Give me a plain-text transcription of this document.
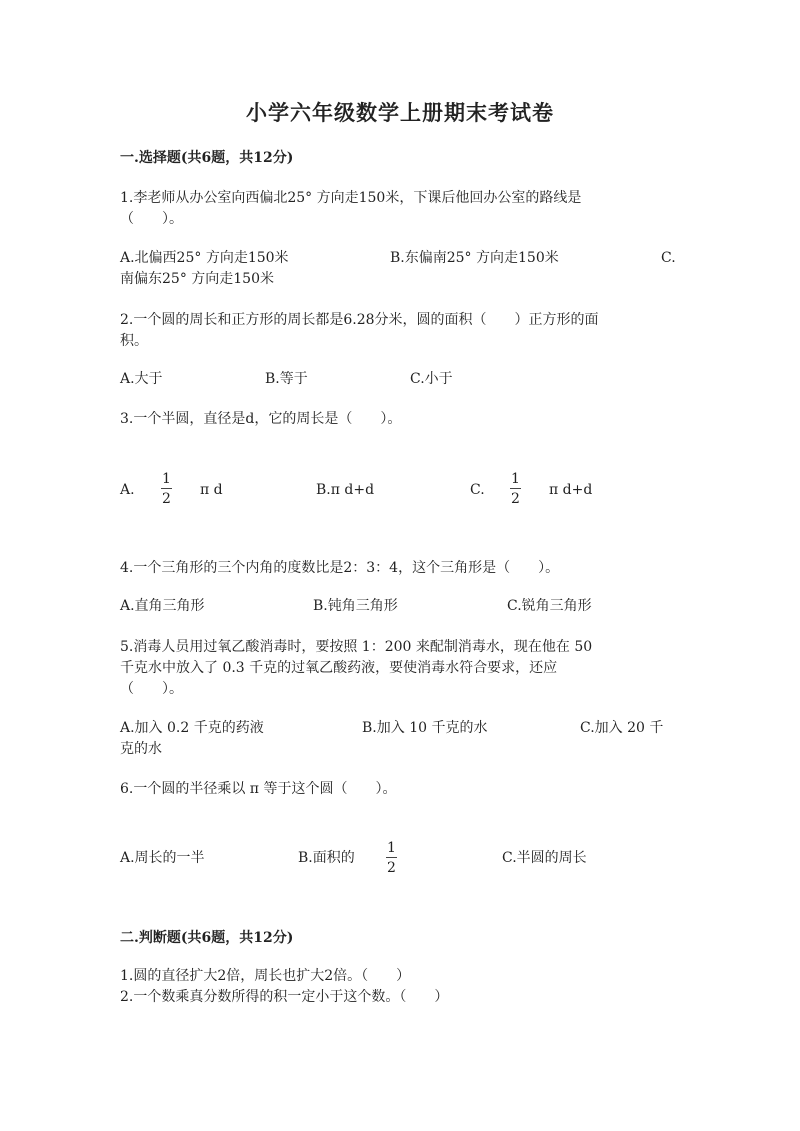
小学六年级数学上册期末考试卷
一.选择题(共6题，共12分)
1.李老师从办公室向西偏北25° 方向走150米，下课后他回办公室的路线是
（　　）。
A.北偏西25° 方向走150米	B.东偏南25° 方向走150米	C.
南偏东25° 方向走150米
2.一个圆的周长和正方形的周长都是6.28分米，圆的面积（　　）正方形的面
积。
A.大于	B.等于	C.小于
3.一个半圆，直径是d，它的周长是（　　）。
A.
1
2
π d	B.π d+d	C.
1
2
π d+d
4.一个三角形的三个内角的度数比是2：3：4，这个三角形是（　　）。
A.直角三角形	B.钝角三角形	C.锐角三角形
5.消毒人员用过氧乙酸消毒时，要按照 1：200 来配制消毒水，现在他在 50
千克水中放入了 0.3 千克的过氧乙酸药液，要使消毒水符合要求，还应
（　　）。
A.加入 0.2 千克的药液	B.加入 10 千克的水	C.加入 20 千
克的水
6.一个圆的半径乘以 π 等于这个圆（　　）。
A.周长的一半	B.面积的
1
2
C.半圆的周长
二.判断题(共6题，共12分)
1.圆的直径扩大2倍，周长也扩大2倍。（　　）
2.一个数乘真分数所得的积一定小于这个数。（　　）
